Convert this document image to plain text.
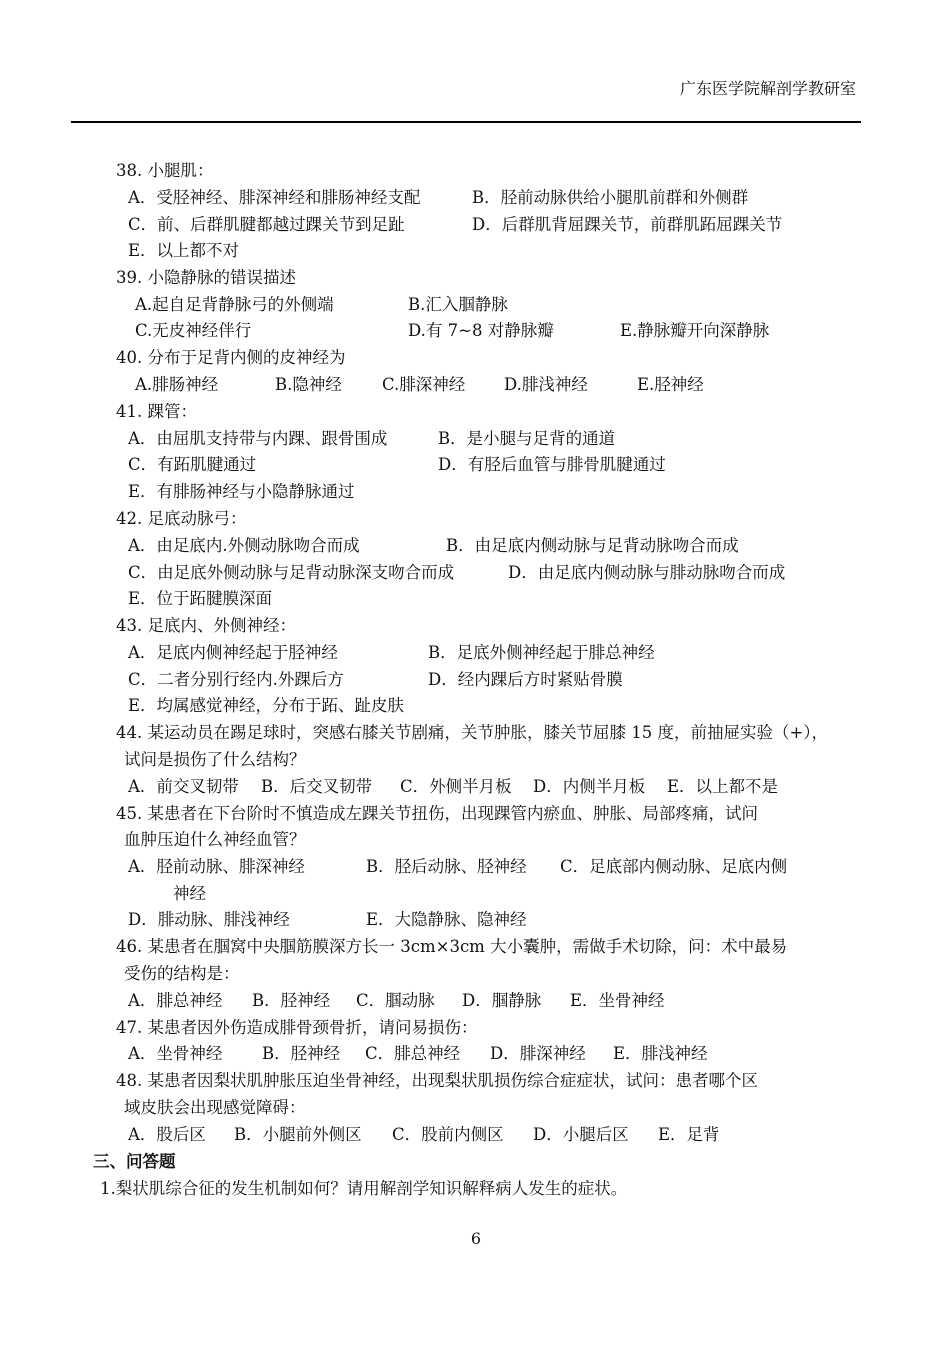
广东医学院解剖学教研室
38. 小腿肌：
A．受胫神经、腓深神经和腓肠神经支配	B．胫前动脉供给小腿肌前群和外侧群
C．前、后群肌腱都越过踝关节到足趾	D．后群肌背屈踝关节，前群肌跖屈踝关节
E．以上都不对
39. 小隐静脉的错误描述
A.起自足背静脉弓的外侧端	B.汇入腘静脉
C.无皮神经伴行	D.有 7~8 对静脉瓣	E.静脉瓣开向深静脉
40. 分布于足背内侧的皮神经为
A.腓肠神经	B.隐神经 C.腓深神经 D.腓浅神经	E.胫神经
41. 踝管：
A．由屈肌支持带与内踝、跟骨围成	B．是小腿与足背的通道
C．有跖肌腱通过	D．有胫后血管与腓骨肌腱通过
E．有腓肠神经与小隐静脉通过
42. 足底动脉弓：
A．由足底内.外侧动脉吻合而成	B．由足底内侧动脉与足背动脉吻合而成
C．由足底外侧动脉与足背动脉深支吻合而成	D．由足底内侧动脉与腓动脉吻合而成
E．位于跖腱膜深面
43. 足底内、外侧神经：
A．足底内侧神经起于胫神经	B．足底外侧神经起于腓总神经
C．二者分别行经内.外踝后方	D．经内踝后方时紧贴骨膜
E．均属感觉神经，分布于跖、趾皮肤
44. 某运动员在踢足球时，突感右膝关节剧痛，关节肿胀，膝关节屈膝 15 度，前抽屉实验（+），
试问是损伤了什么结构？
A．前交叉韧带 B．后交叉韧带 C．外侧半月板 D．内侧半月板 E．以上都不是
45. 某患者在下台阶时不慎造成左踝关节扭伤，出现踝管内瘀血、肿胀、局部疼痛，试问
血肿压迫什么神经血管？
A．胫前动脉、腓深神经	B．胫后动脉、胫神经 C．足底部内侧动脉、足底内侧
神经
D．腓动脉、腓浅神经	E．大隐静脉、隐神经
46. 某患者在腘窝中央腘筋膜深方长一 3cm×3cm 大小囊肿，需做手术切除，问：术中最易
受伤的结构是：
A．腓总神经 B．胫神经 C．腘动脉 D．腘静脉 E．坐骨神经
47. 某患者因外伤造成腓骨颈骨折，请问易损伤：
A．坐骨神经 B．胫神经 C．腓总神经 D．腓深神经 E．腓浅神经
48. 某患者因梨状肌肿胀压迫坐骨神经，出现梨状肌损伤综合症症状，试问：患者哪个区
域皮肤会出现感觉障碍：
A．股后区 B．小腿前外侧区 C．股前内侧区 D．小腿后区 E．足背
三、问答题
1.梨状肌综合征的发生机制如何？请用解剖学知识解释病人发生的症状。
6
